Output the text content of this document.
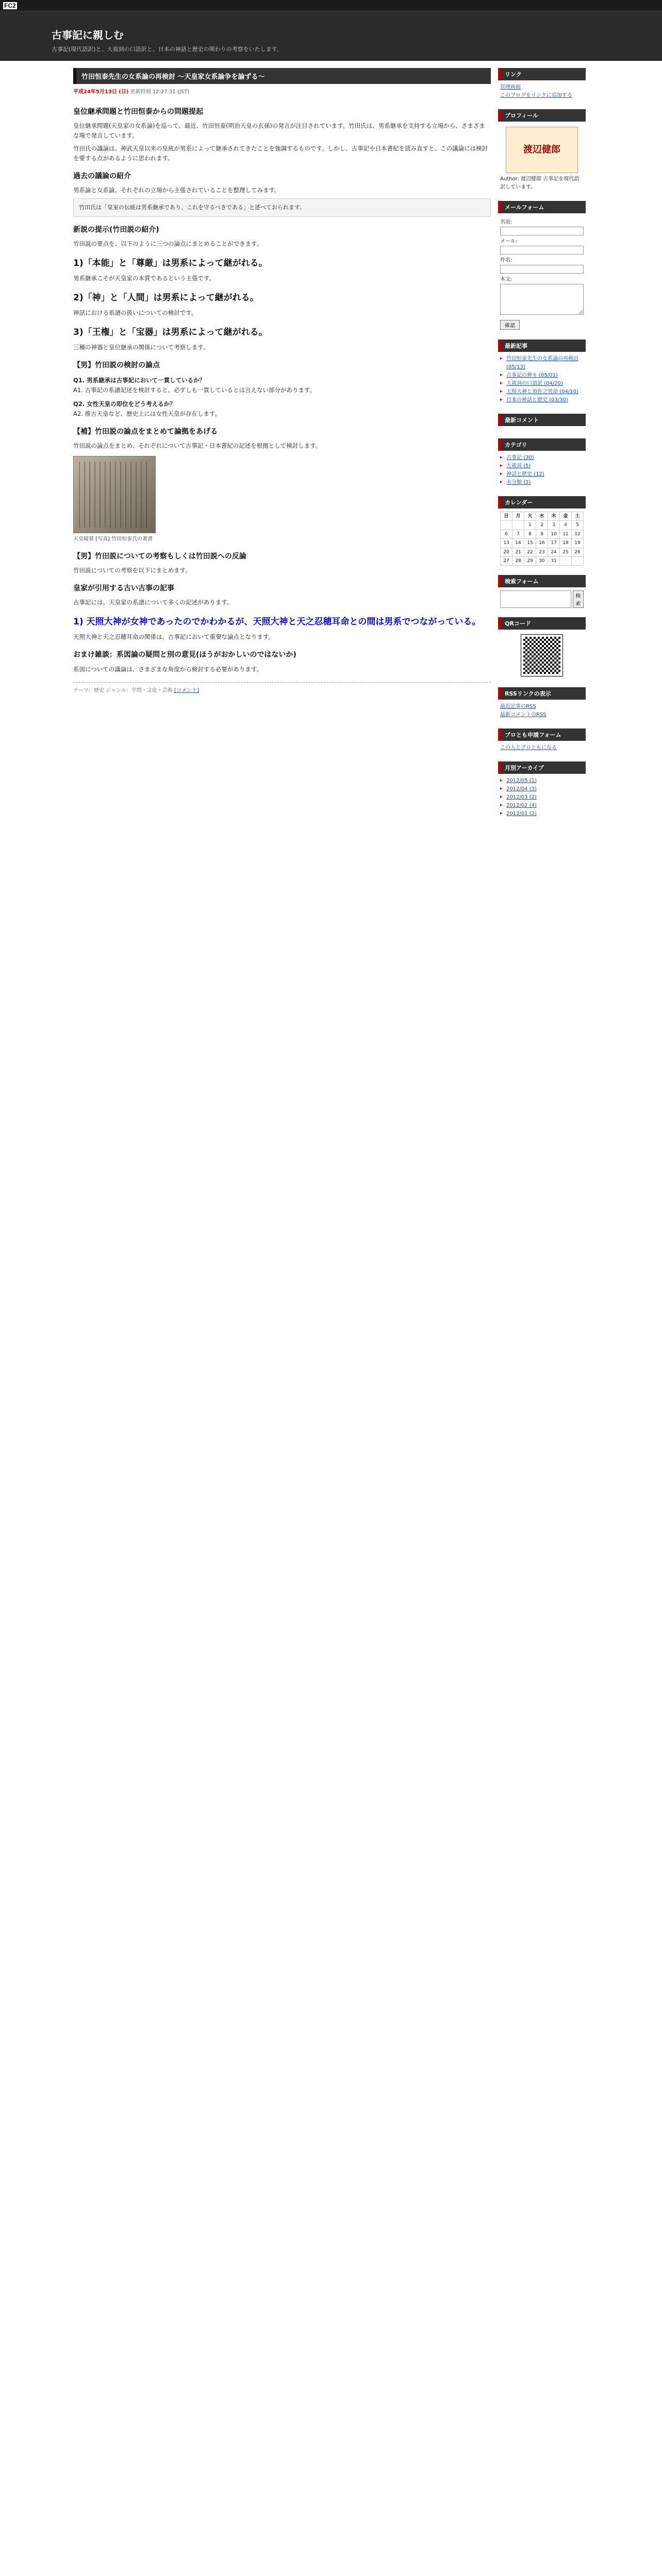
FC2
古事記に親しむ
古事記(現代語訳)と、大祓詞の口語訳と、日本の神話と歴史の関わりの考察をいたします。
竹田恒泰先生の女系論の再検討 ～天皇家女系論争を論ずる～
平成24年5月13日 (日) 更新時刻 12:27:31 (JST)
皇位継承問題と竹田恒泰からの問題提起

皇位継承問題(天皇家の女系論)を巡って、最近、竹田恒泰(明治天皇の玄孫)の発言が注目されています。竹田氏は、男系継承を支持する立場から、さまざまな場で発言しています。

竹田氏の議論は、神武天皇以来の皇統が男系によって継承されてきたことを強調するものです。しかし、古事記や日本書紀を読み直すと、この議論には検討を要する点があるように思われます。

過去の議論の紹介

男系論と女系論、それぞれの立場から主張されていることを整理してみます。

竹田氏は「皇室の伝統は男系継承であり、これを守るべきである」と述べておられます。
新説の提示(竹田説の紹介)

竹田説の要点を、以下のように三つの論点にまとめることができます。

1)「本能」と「尊厳」は男系によって継がれる。

男系継承こそが天皇家の本質であるという主張です。

2)「神」と「人間」は男系によって継がれる。

神話における系譜の扱いについての検討です。

3)「王権」と「宝器」は男系によって継がれる。

三種の神器と皇位継承の関係について考察します。

【男】竹田説の検討の論点
Q1. 男系継承は古事記において一貫しているか？

A1. 古事記の系譜記述を検討すると、必ずしも一貫しているとは言えない部分があります。

Q2. 女性天皇の即位をどう考えるか？

A2. 推古天皇など、歴史上には女性天皇が存在します。

【補】竹田説の論点をまとめて論拠をあげる

竹田説の論点をまとめ、それぞれについて古事記・日本書紀の記述を根拠として検討します。

天皇陵墓 [写真] 竹田恒泰氏の著書
【男】竹田説についての考察もしくは竹田説への反論

竹田説についての考察を以下にまとめます。

皇家が引用する古い古事の記事

古事記には、天皇家の系譜について多くの記述があります。

1) 天照大神が女神であったのでかわかるが、天照大神と天之忍穂耳命との間は男系でつながっている。

天照大神と天之忍穂耳命の関係は、古事記において重要な論点となります。

おまけ雑談：系図論の疑問と別の意見(ほうがおかしいのではないか)

系図についての議論は、さまざまな角度から検討する必要があります。

テーマ：歴史 ジャンル：学問・文化・芸術 [コメント]
リンク
管理画面
このブログをリンクに追加する
プロフィール
渡辺健郎
Author: 渡辺健郎 古事記を現代語訳しています。
メールフォーム
名前:
メール:
件名:
本文:
確認
最新記事
▸ 竹田恒泰先生の女系論の再検討 (05/13)
▸ 古事記の神々 (05/01)
▸ 大祓詞の口語訳 (04/20)
▸ 天照大神と須佐之男命 (04/10)
▸ 日本の神話と歴史 (03/30)
最新コメント
カテゴリ
▸ 古事記 (30)
▸ 大祓詞 (5)
▸ 神話と歴史 (12)
▸ 未分類 (3)
カレンダー
日	月	火	水	木	金	土
		1	2	3	4	5
6	7	8	9	10	11	12
13	14	15	16	17	18	19
20	21	22	23	24	25	26
27	28	29	30	31		
検索フォーム
検索
QRコード
RSSリンクの表示
最近記事のRSS
最新コメントのRSS
ブロとも申請フォーム
この人とブロともになる
月別アーカイブ
▸ 2012/05 (1)
▸ 2012/04 (3)
▸ 2012/03 (2)
▸ 2012/02 (4)
▸ 2012/01 (2)
